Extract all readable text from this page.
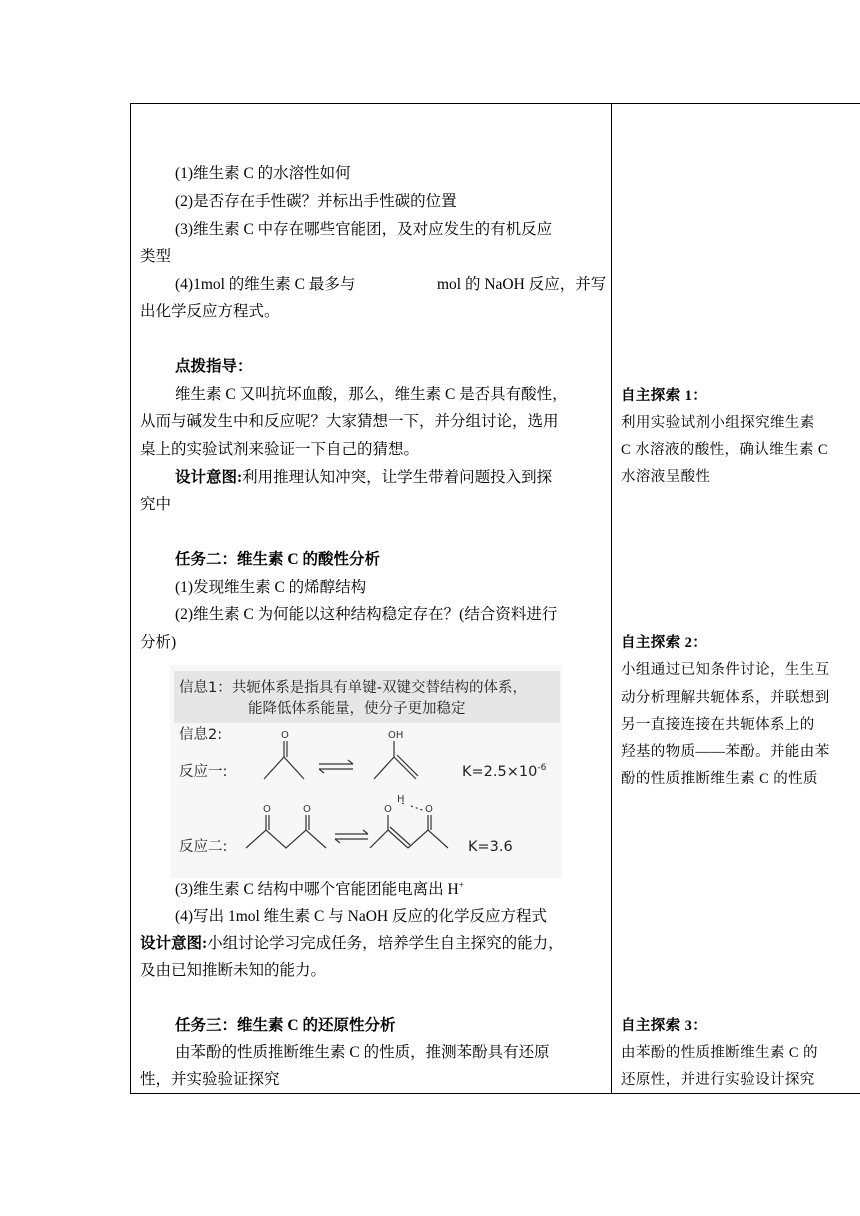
(1)维生素 C 的水溶性如何
(2)是否存在手性碳？并标出手性碳的位置
(3)维生素 C 中存在哪些官能团，及对应发生的有机反应
类型
(4)1mol 的维生素 C 最多与	mol 的 NaOH 反应，并写
出化学反应方程式。
点拨指导：
维生素 C 又叫抗坏血酸，那么，维生素 C 是否具有酸性，
从而与碱发生中和反应呢？大家猜想一下，并分组讨论，选用
桌上的实验试剂来验证一下自己的猜想。
设计意图:利用推理认知冲突，让学生带着问题投入到探
究中
任务二：维生素 C 的酸性分析
(1)发现维生素 C 的烯醇结构
(2)维生素 C 为何能以这种结构稳定存在？(结合资料进行
分析)
信息1：共轭体系是指具有单键-双键交替结构的体系，
能降低体系能量，使分子更加稳定
信息2:
反应一:	$K=2.5\times 10^{-6}$
反应二:	K=3.6
O	OH
O	O	O	O
H
(3)维生素 C 结构中哪个官能团能电离出 H+
(4)写出 1mol 维生素 C 与 NaOH 反应的化学反应方程式
设计意图:小组讨论学习完成任务，培养学生自主探究的能力，
及由已知推断未知的能力。
任务三：维生素 C 的还原性分析
由苯酚的性质推断维生素 C 的性质，推测苯酚具有还原
性，并实验验证探究
自主探索 1：
利用实验试剂小组探究维生素
C 水溶液的酸性，确认维生素 C
水溶液呈酸性
自主探索 2：
小组通过已知条件讨论，生生互
动分析理解共轭体系，并联想到
另一直接连接在共轭体系上的
羟基的物质——苯酚。并能由苯
酚的性质推断维生素 C 的性质
自主探索 3：
由苯酚的性质推断维生素 C 的
还原性，并进行实验设计探究
